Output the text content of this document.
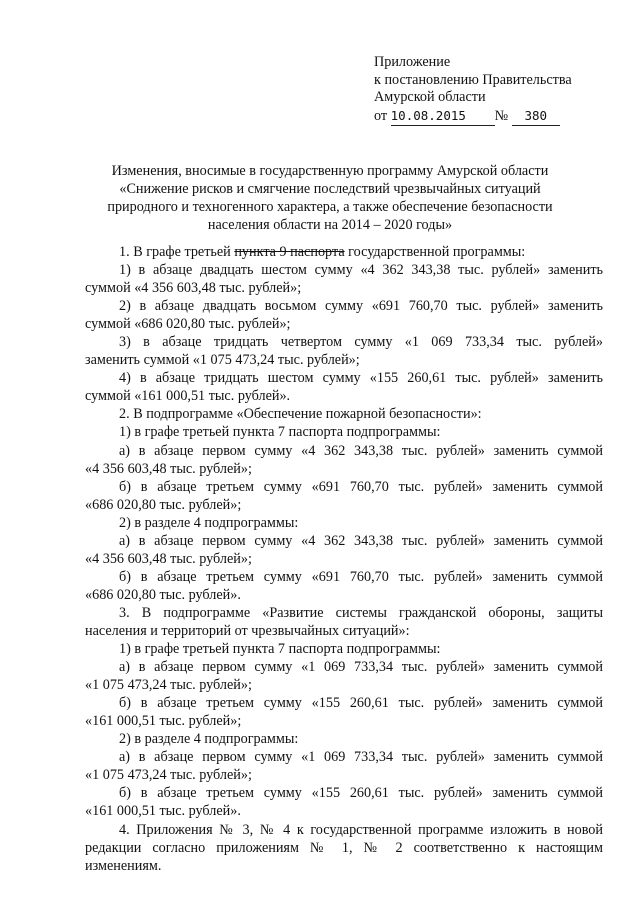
Приложение
к постановлению Правительства
Амурской области
от 10.08.2015 № 380
Изменения, вносимые в государственную программу Амурской области
«Снижение рисков и смягчение последствий чрезвычайных ситуаций
природного и техногенного характера, а также обеспечение безопасности
населения области на 2014 – 2020 годы»

1. В графе третьей пункта 9 паспорта государственной программы:

1) в абзаце двадцать шестом сумму «4 362 343,38 тыс. рублей» заменить

суммой «4 356 603,48 тыс. рублей»;

2) в абзаце двадцать восьмом сумму «691 760,70 тыс. рублей» заменить

суммой «686 020,80 тыс. рублей»;

3) в абзаце тридцать четвертом сумму «1 069 733,34 тыс. рублей»

заменить суммой «1 075 473,24 тыс. рублей»;

4) в абзаце тридцать шестом сумму «155 260,61 тыс. рублей» заменить

суммой «161 000,51 тыс. рублей».

2. В подпрограмме «Обеспечение пожарной безопасности»:

1) в графе третьей пункта 7 паспорта подпрограммы:

а) в абзаце первом сумму «4 362 343,38 тыс. рублей» заменить суммой

«4 356 603,48 тыс. рублей»;

б) в абзаце третьем сумму «691 760,70 тыс. рублей» заменить суммой

«686 020,80 тыс. рублей»;

2) в разделе 4 подпрограммы:

а) в абзаце первом сумму «4 362 343,38 тыс. рублей» заменить суммой

«4 356 603,48 тыс. рублей»;

б) в абзаце третьем сумму «691 760,70 тыс. рублей» заменить суммой

«686 020,80 тыс. рублей».

3. В подпрограмме «Развитие системы гражданской обороны, защиты

населения и территорий от чрезвычайных ситуаций»:

1) в графе третьей пункта 7 паспорта подпрограммы:

а) в абзаце первом сумму «1 069 733,34 тыс. рублей» заменить суммой

«1 075 473,24 тыс. рублей»;

б) в абзаце третьем сумму «155 260,61 тыс. рублей» заменить суммой

«161 000,51 тыс. рублей»;

2) в разделе 4 подпрограммы:

а) в абзаце первом сумму «1 069 733,34 тыс. рублей» заменить суммой

«1 075 473,24 тыс. рублей»;

б) в абзаце третьем сумму «155 260,61 тыс. рублей» заменить суммой

«161 000,51 тыс. рублей».

4. Приложения № 3, № 4 к государственной программе изложить в новой

редакции согласно приложениям № 1, № 2 соответственно к настоящим

изменениям.
